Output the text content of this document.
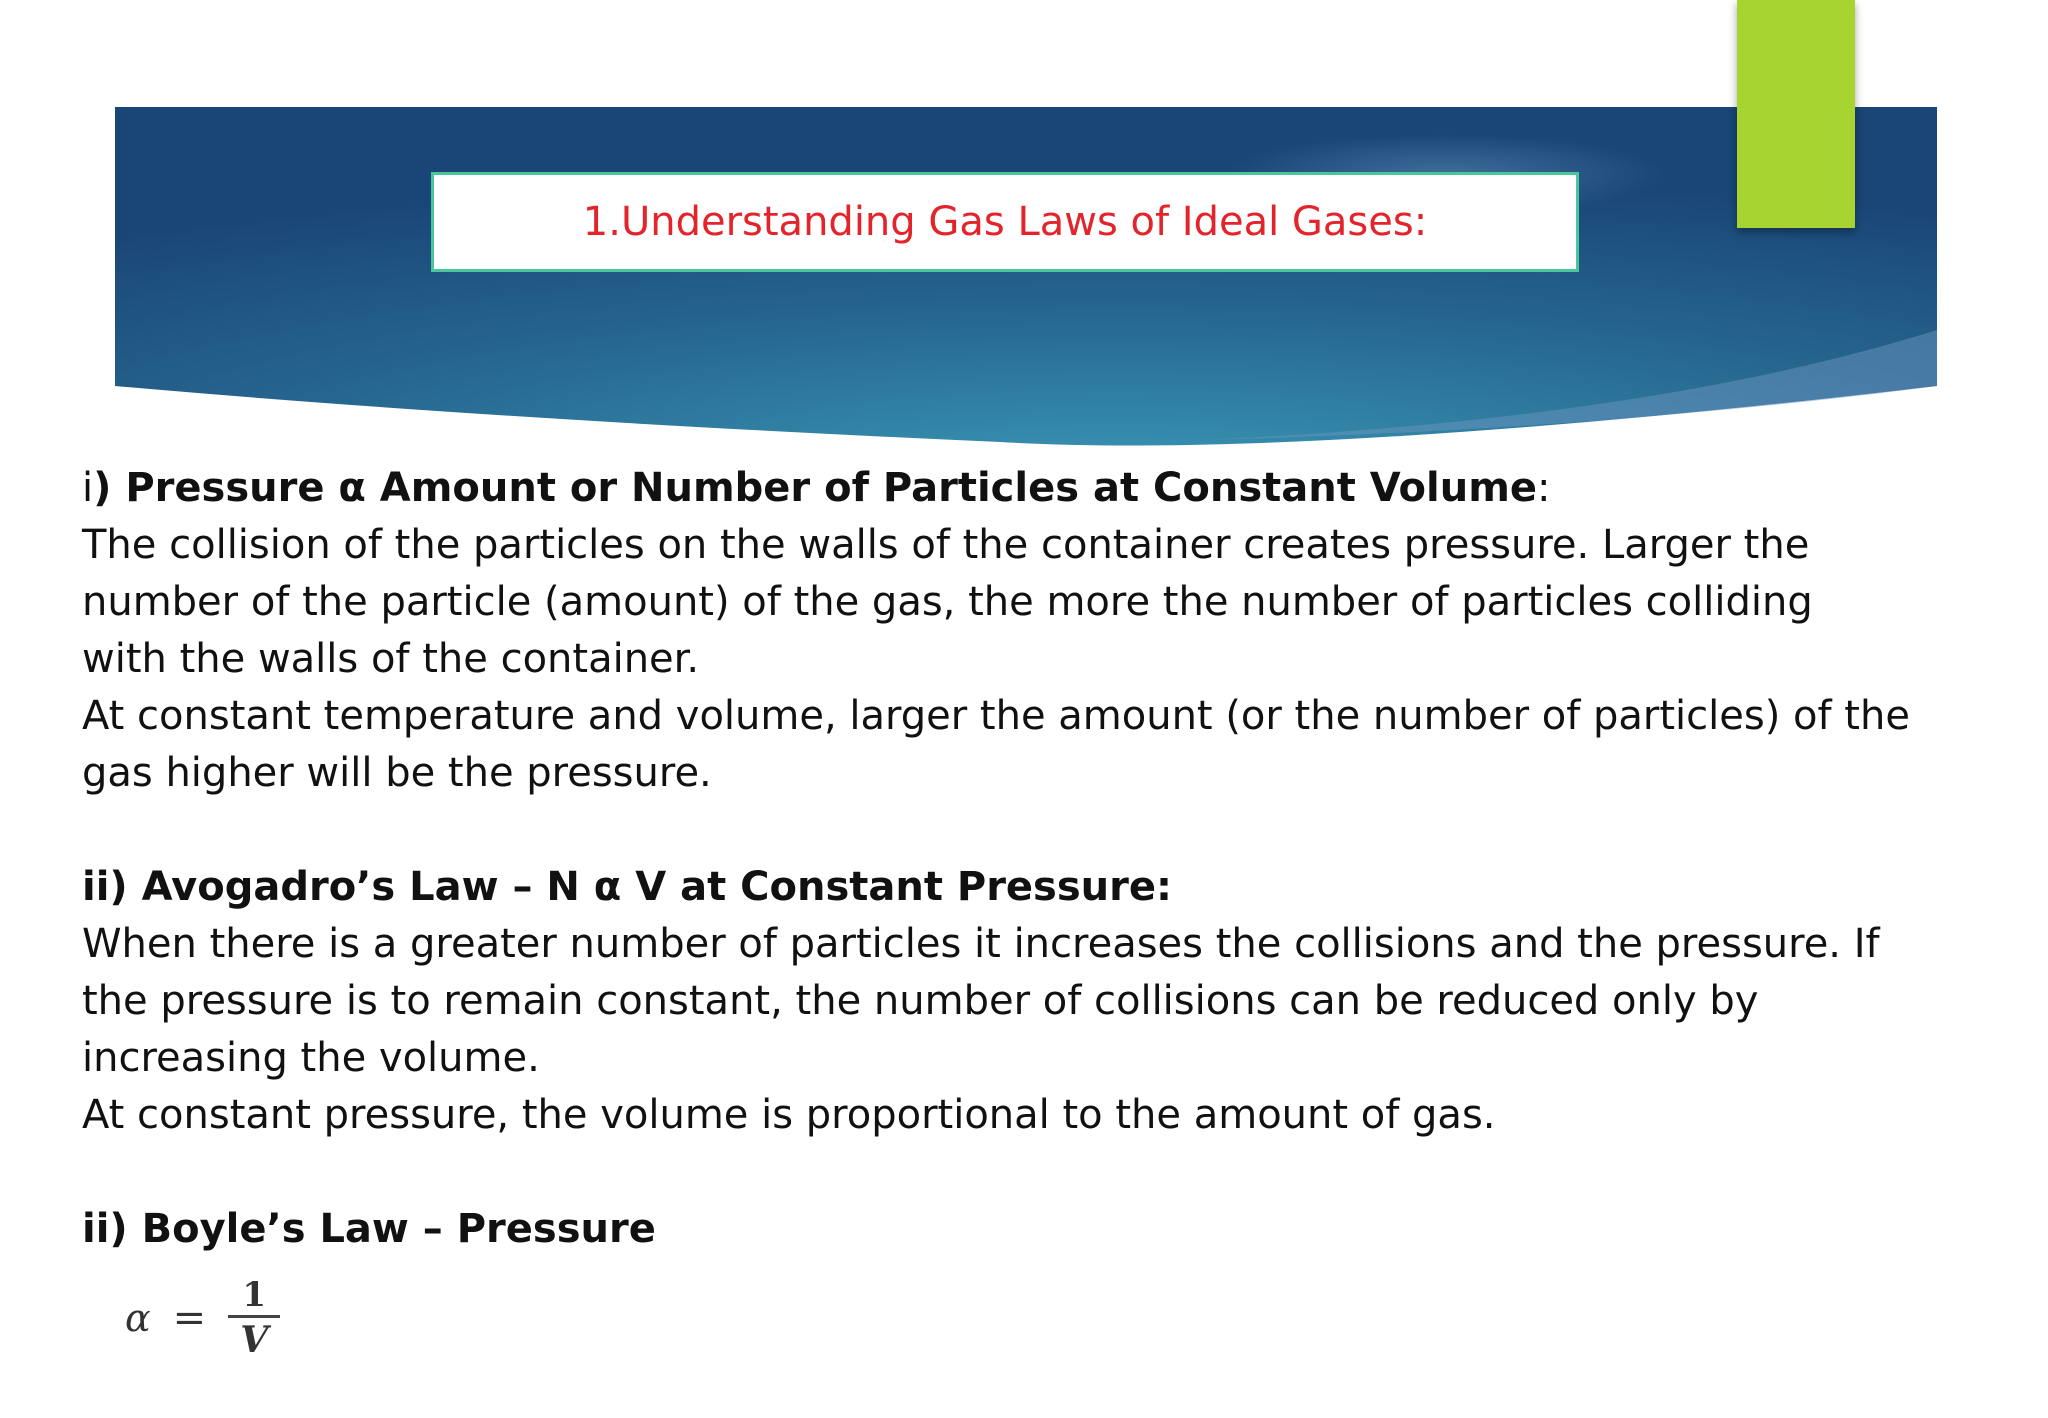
1.Understanding Gas Laws of Ideal Gases:

i) Pressure α Amount or Number of Particles at Constant Volume:

The collision of the particles on the walls of the container creates pressure. Larger the

number of the particle (amount) of the gas, the more the number of particles colliding

with the walls of the container.

At constant temperature and volume, larger the amount (or the number of particles) of the

gas higher will be the pressure.

ii) Avogadro’s Law – N α V at Constant Pressure:

When there is a greater number of particles it increases the collisions and the pressure. If

the pressure is to remain constant, the number of collisions can be reduced only by

increasing the volume.

At constant pressure, the volume is proportional to the amount of gas.

ii) Boyle’s Law – Pressure

$\alpha = \frac{1}{V}$
